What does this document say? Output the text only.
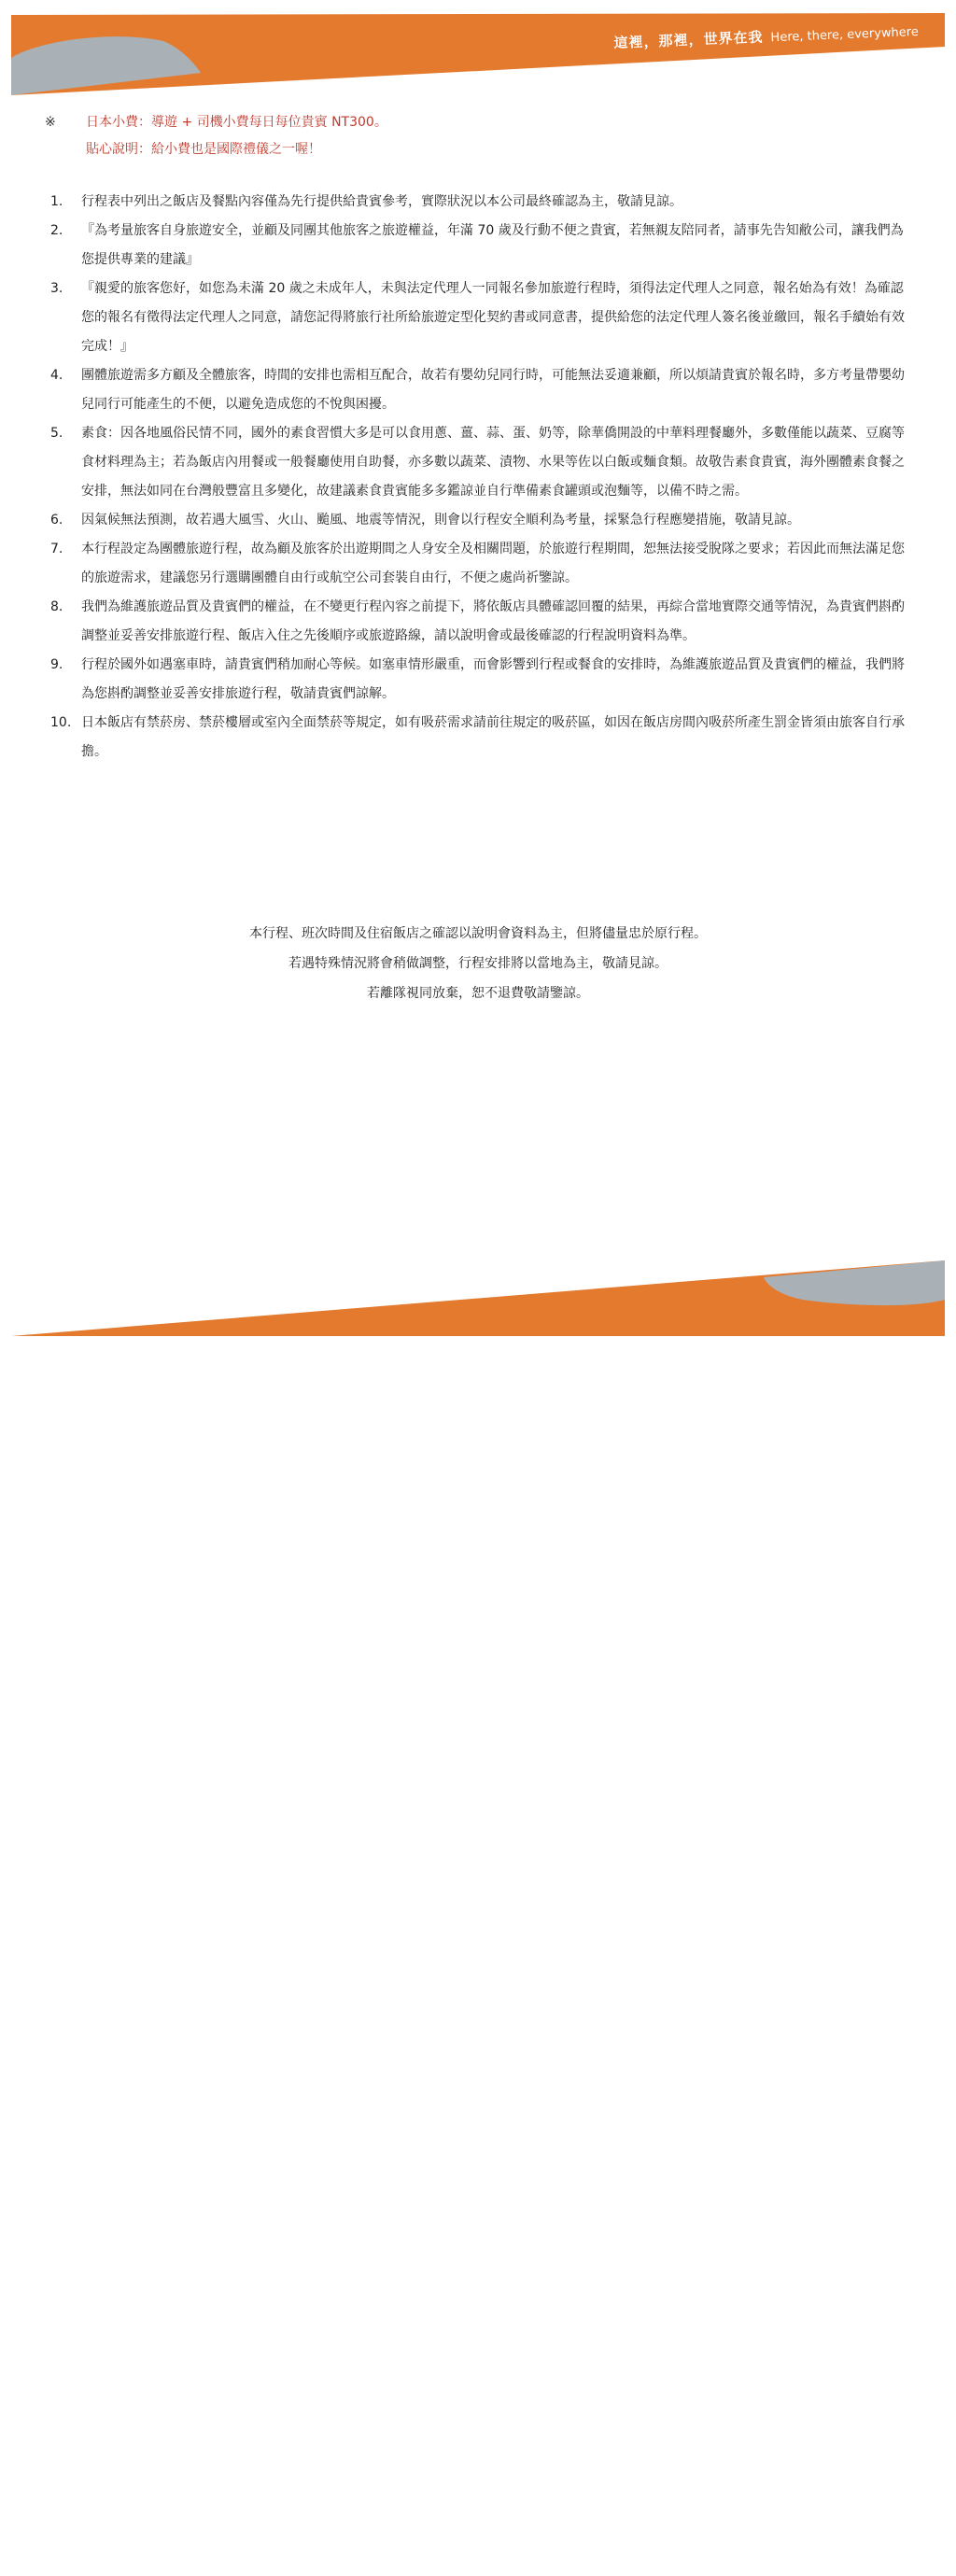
這裡，那裡，世界在我 Here, there, everywhere
※ 日本小費：導遊 + 司機小費每日每位貴賓 NT300。
貼心說明：給小費也是國際禮儀之一喔！
1. 行程表中列出之飯店及餐點內容僅為先行提供給貴賓參考，實際狀況以本公司最終確認為主，敬請見諒。
2. 『為考量旅客自身旅遊安全，並顧及同團其他旅客之旅遊權益，年滿 70 歲及行動不便之貴賓，若無親友陪同者，請事先告知敝公司，讓我們為您提供專業的建議』
3. 『親愛的旅客您好，如您為未滿 20 歲之未成年人，未與法定代理人一同報名參加旅遊行程時，須得法定代理人之同意，報名始為有效！為確認您的報名有徵得法定代理人之同意，請您記得將旅行社所給旅遊定型化契約書或同意書，提供給您的法定代理人簽名後並繳回，報名手續始有效完成！』
4. 團體旅遊需多方顧及全體旅客，時間的安排也需相互配合，故若有嬰幼兒同行時，可能無法妥適兼顧，所以煩請貴賓於報名時，多方考量帶嬰幼兒同行可能產生的不便，以避免造成您的不悅與困擾。
5. 素食：因各地風俗民情不同，國外的素食習慣大多是可以食用蔥、薑、蒜、蛋、奶等，除華僑開設的中華料理餐廳外，多數僅能以蔬菜、豆腐等食材料理為主；若為飯店內用餐或一般餐廳使用自助餐，亦多數以蔬菜、漬物、水果等佐以白飯或麵食類。故敬告素食貴賓，海外團體素食餐之安排，無法如同在台灣般豐富且多變化，故建議素食貴賓能多多鑑諒並自行準備素食罐頭或泡麵等，以備不時之需。
6. 因氣候無法預測，故若遇大風雪、火山、颱風、地震等情況，則會以行程安全順利為考量，採緊急行程應變措施，敬請見諒。
7. 本行程設定為團體旅遊行程，故為顧及旅客於出遊期間之人身安全及相關問題，於旅遊行程期間，恕無法接受脫隊之要求；若因此而無法滿足您的旅遊需求，建議您另行選購團體自由行或航空公司套裝自由行，不便之處尚祈鑒諒。
8. 我們為維護旅遊品質及貴賓們的權益，在不變更行程內容之前提下，將依飯店具體確認回覆的結果，再綜合當地實際交通等情況，為貴賓們斟酌調整並妥善安排旅遊行程、飯店入住之先後順序或旅遊路線，請以說明會或最後確認的行程說明資料為準。
9. 行程於國外如遇塞車時，請貴賓們稍加耐心等候。如塞車情形嚴重，而會影響到行程或餐食的安排時，為維護旅遊品質及貴賓們的權益，我們將為您斟酌調整並妥善安排旅遊行程，敬請貴賓們諒解。
10. 日本飯店有禁菸房、禁菸樓層或室內全面禁菸等規定，如有吸菸需求請前往規定的吸菸區，如因在飯店房間內吸菸所產生罰金皆須由旅客自行承擔。

本行程、班次時間及住宿飯店之確認以說明會資料為主，但將儘量忠於原行程。

若遇特殊情況將會稍做調整，行程安排將以當地為主，敬請見諒。

若離隊視同放棄，恕不退費敬請鑒諒。

這裡，那裡，世界在我 Here, there, everywhere
